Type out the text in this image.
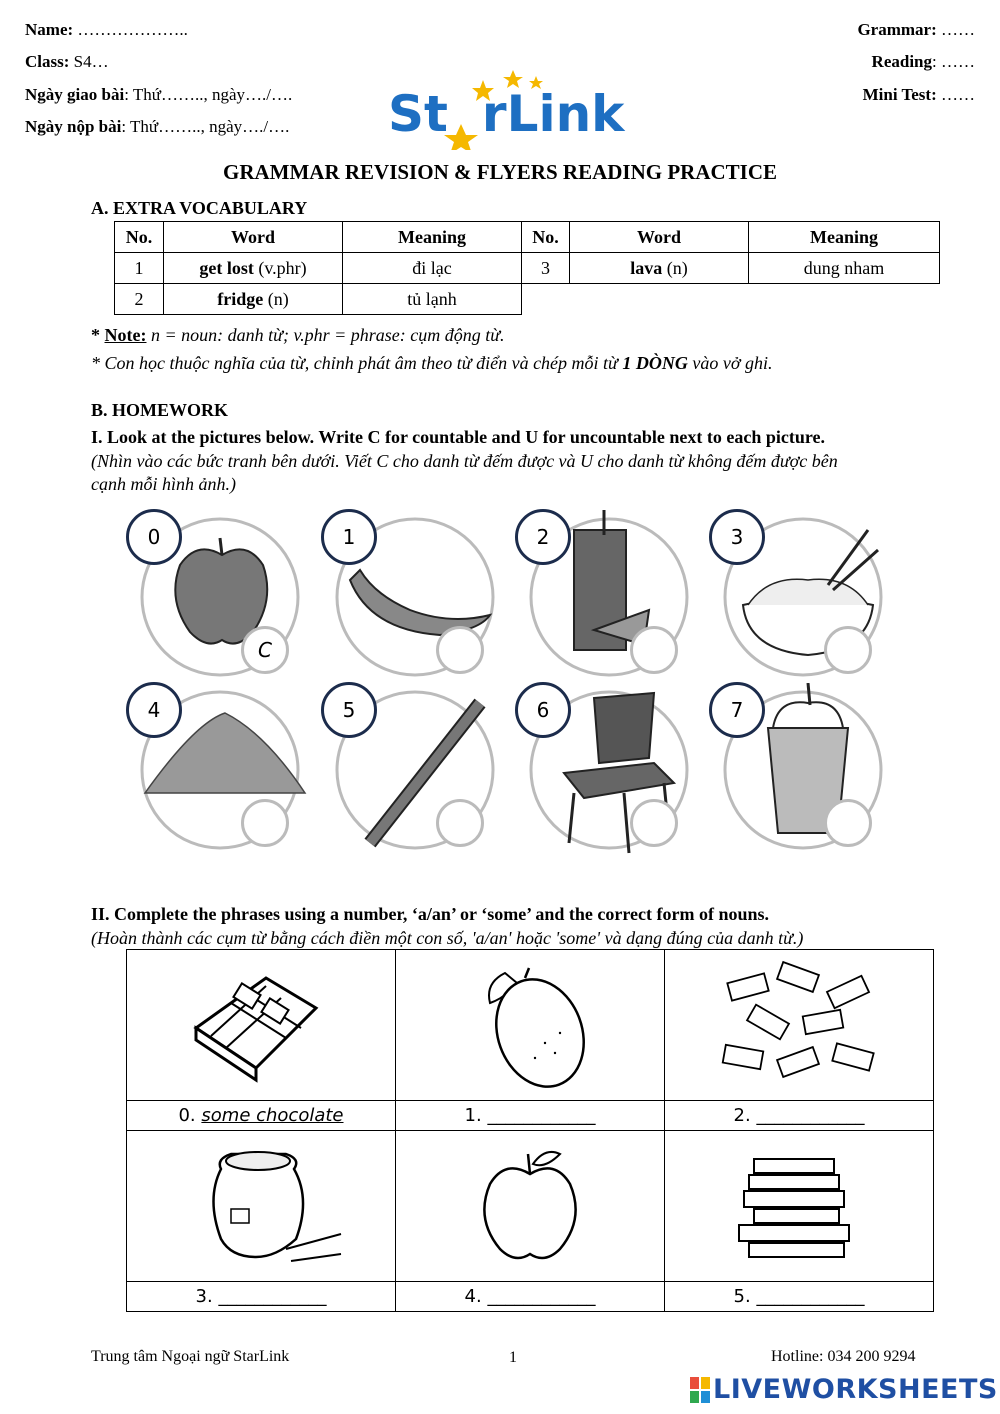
Name: ………………..
Class: S4…
Ngày giao bài: Thứ…….., ngày…./….
Ngày nộp bài: Thứ…….., ngày…./….
Grammar: ……
Reading: ……
Mini Test: ……
St rLink
GRAMMAR REVISION & FLYERS READING PRACTICE
A. EXTRA VOCABULARY
No.	Word	Meaning	No.	Word	Meaning
1	get lost (v.phr)	đi lạc	3	lava (n)	dung nham
2	fridge (n)	tủ lạnh			
* Note: n = noun: danh từ; v.phr = phrase: cụm động từ.
* Con học thuộc nghĩa của từ, chỉnh phát âm theo từ điển và chép mỗi từ 1 DÒNG vào vở ghi.
B. HOMEWORK
I. Look at the pictures below. Write C for countable and U for uncountable next to each picture.
(Nhìn vào các bức tranh bên dưới. Viết C cho danh từ đếm được và U cho danh từ không đếm được bên
cạnh mỗi hình ảnh.)
0
C
1	2	3
4	5	6	7
II. Complete the phrases using a number, ‘a/an’ or ‘some’ and the correct form of nouns.
(Hoàn thành các cụm từ bằng cách điền một con số, 'a/an' hoặc 'some' và dạng đúng của danh từ.)

0. some chocolate	1. ____________	2. ____________

3. ____________	4. ____________	5. ____________
Trung tâm Ngoại ngữ StarLink	1	Hotline: 034 200 9294
LIVEWORKSHEETS
